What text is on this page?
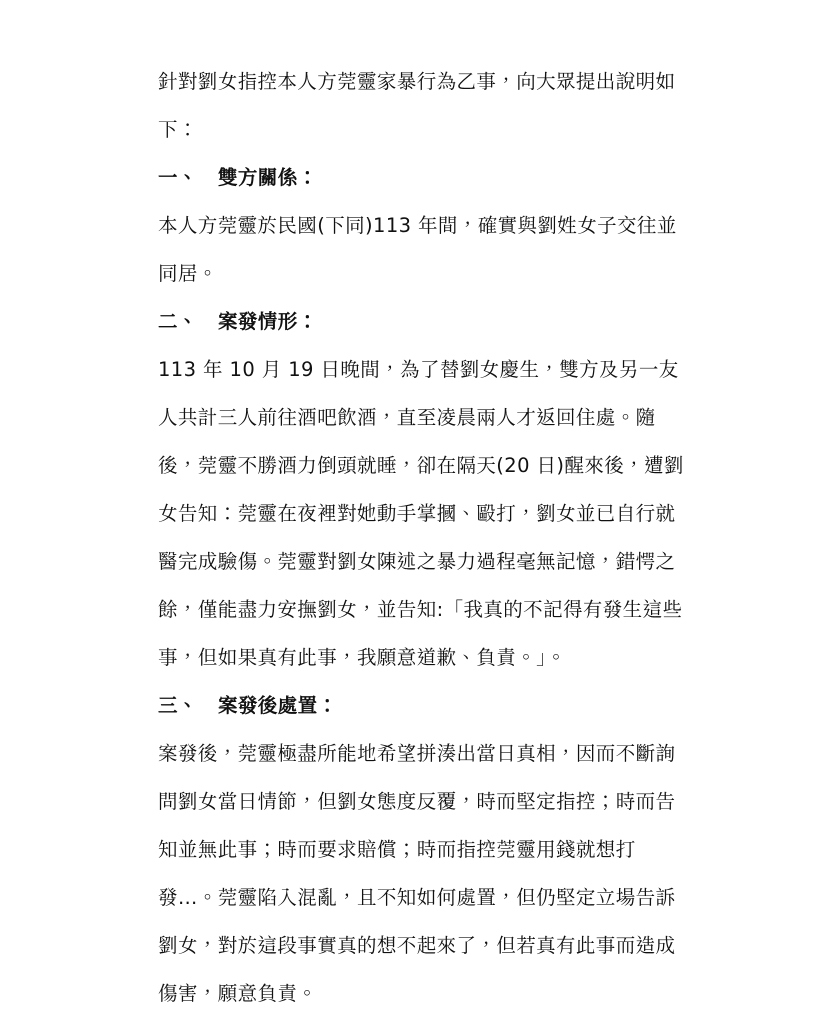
針對劉女指控本人方莞靈家暴行為乙事，向大眾提出說明如下：

一、 雙方關係：

本人方莞靈於民國(下同)113 年間，確實與劉姓女子交往並同居。

二、 案發情形：

113 年 10 月 19 日晚間，為了替劉女慶生，雙方及另一友人共計三人前往酒吧飲酒，直至凌晨兩人才返回住處。隨後，莞靈不勝酒力倒頭就睡，卻在隔天(20 日)醒來後，遭劉女告知：莞靈在夜裡對她動手掌摑、毆打，劉女並已自行就醫完成驗傷。莞靈對劉女陳述之暴力過程毫無記憶，錯愕之餘，僅能盡力安撫劉女，並告知:「我真的不記得有發生這些事，但如果真有此事，我願意道歉、負責。」。

三、 案發後處置：

案發後，莞靈極盡所能地希望拼湊出當日真相，因而不斷詢問劉女當日情節，但劉女態度反覆，時而堅定指控；時而告知並無此事；時而要求賠償；時而指控莞靈用錢就想打發…。莞靈陷入混亂，且不知如何處置，但仍堅定立場告訴劉女，對於這段事實真的想不起來了，但若真有此事而造成傷害，願意負責。
